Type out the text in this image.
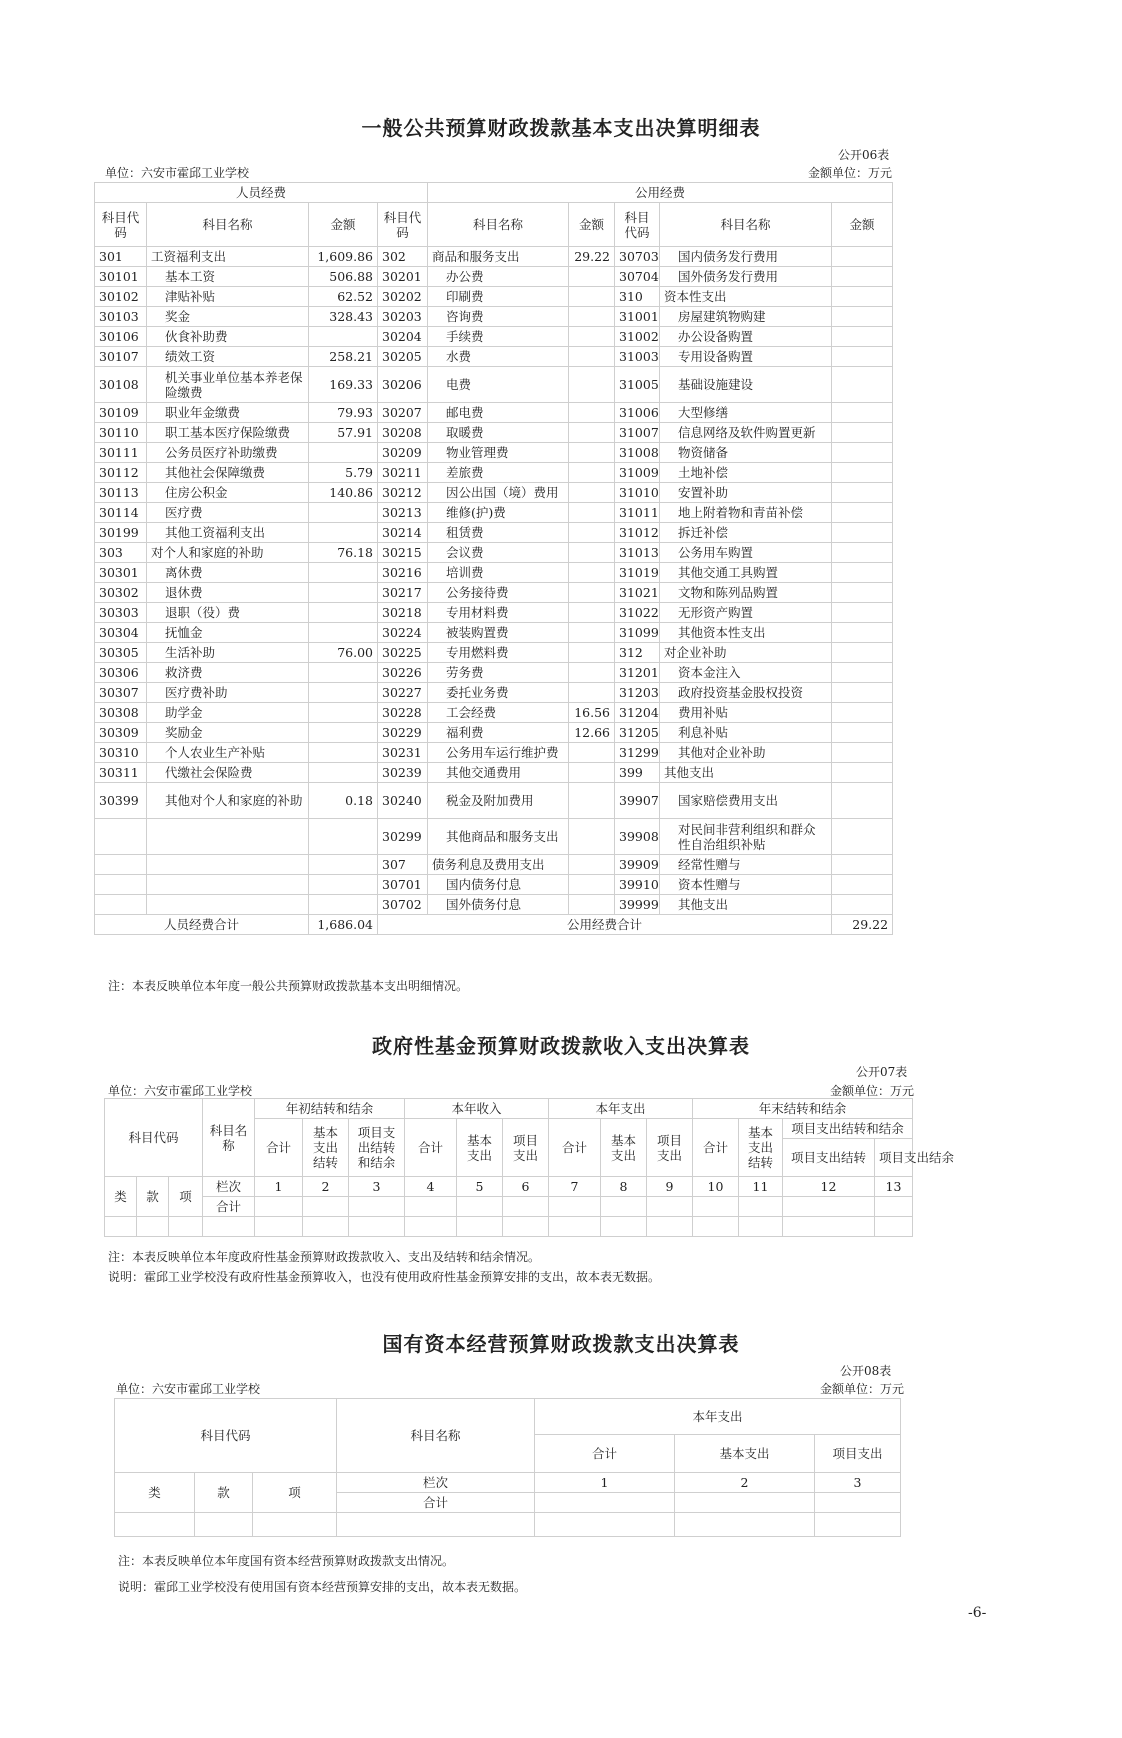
一般公共预算财政拨款基本支出决算明细表
公开06表
单位：六安市霍邱工业学校	金额单位：万元
人员经费				公用经费				
科目代码	科目名称	金额	科目代码	科目名称	金额	科目代码	科目名称	金额
301	工资福利支出	1,609.86	302	商品和服务支出	29.22	30703	国内债务发行费用	
30101	基本工资	506.88	30201	办公费		30704	国外债务发行费用	
30102	津贴补贴	62.52	30202	印刷费		310	资本性支出	
30103	奖金	328.43	30203	咨询费		31001	房屋建筑物购建	
30106	伙食补助费		30204	手续费		31002	办公设备购置	
30107	绩效工资	258.21	30205	水费		31003	专用设备购置	
30108	机关事业单位基本养老保险缴费	169.33	30206	电费		31005	基础设施建设	
30109	职业年金缴费	79.93	30207	邮电费		31006	大型修缮	
30110	职工基本医疗保险缴费	57.91	30208	取暖费		31007	信息网络及软件购置更新	
30111	公务员医疗补助缴费		30209	物业管理费		31008	物资储备	
30112	其他社会保障缴费	5.79	30211	差旅费		31009	土地补偿	
30113	住房公积金	140.86	30212	因公出国（境）费用		31010	安置补助	
30114	医疗费		30213	维修(护)费		31011	地上附着物和青苗补偿	
30199	其他工资福利支出		30214	租赁费		31012	拆迁补偿	
303	对个人和家庭的补助	76.18	30215	会议费		31013	公务用车购置	
30301	离休费		30216	培训费		31019	其他交通工具购置	
30302	退休费		30217	公务接待费		31021	文物和陈列品购置	
30303	退职（役）费		30218	专用材料费		31022	无形资产购置	
30304	抚恤金		30224	被装购置费		31099	其他资本性支出	
30305	生活补助	76.00	30225	专用燃料费		312	对企业补助	
30306	救济费		30226	劳务费		31201	资本金注入	
30307	医疗费补助		30227	委托业务费		31203	政府投资基金股权投资	
30308	助学金		30228	工会经费	16.56	31204	费用补贴	
30309	奖励金		30229	福利费	12.66	31205	利息补贴	
30310	个人农业生产补贴		30231	公务用车运行维护费		31299	其他对企业补助	
30311	代缴社会保险费		30239	其他交通费用		399	其他支出	
30399	其他对个人和家庭的补助	0.18	30240	税金及附加费用		39907	国家赔偿费用支出	
			30299	其他商品和服务支出		39908	对民间非营利组织和群众性自治组织补贴	
			307	债务利息及费用支出		39909	经常性赠与	
			30701	国内债务付息		39910	资本性赠与	
			30702	国外债务付息		39999	其他支出	
人员经费合计		1,686.04	公用经费合计					29.22
注：本表反映单位本年度一般公共预算财政拨款基本支出明细情况。
政府性基金预算财政拨款收入支出决算表
公开07表
单位：六安市霍邱工业学校	金额单位：万元
科目代码			科目名称	年初结转和结余			本年收入			本年支出			年末结转和结余			
				合计	基本支出结转	项目支出结转和结余	合计	基本支出	项目支出	合计	基本支出	项目支出	合计	基本支出结转	项目支出结转和结余	
															项目支出结转	项目支出结余
类	款	项	栏次	1	2	3	4	5	6	7	8	9	10	11	12	13
			合计													

注：本表反映单位本年度政府性基金预算财政拨款收入、支出及结转和结余情况。
说明：霍邱工业学校没有政府性基金预算收入，也没有使用政府性基金预算安排的支出，故本表无数据。
国有资本经营预算财政拨款支出决算表
公开08表
单位：六安市霍邱工业学校	金额单位：万元
科目代码			科目名称	本年支出		
				合计	基本支出	项目支出
类	款	项	栏次	1	2	3
			合计			

注：本表反映单位本年度国有资本经营预算财政拨款支出情况。
说明：霍邱工业学校没有使用国有资本经营预算安排的支出，故本表无数据。
-6-
